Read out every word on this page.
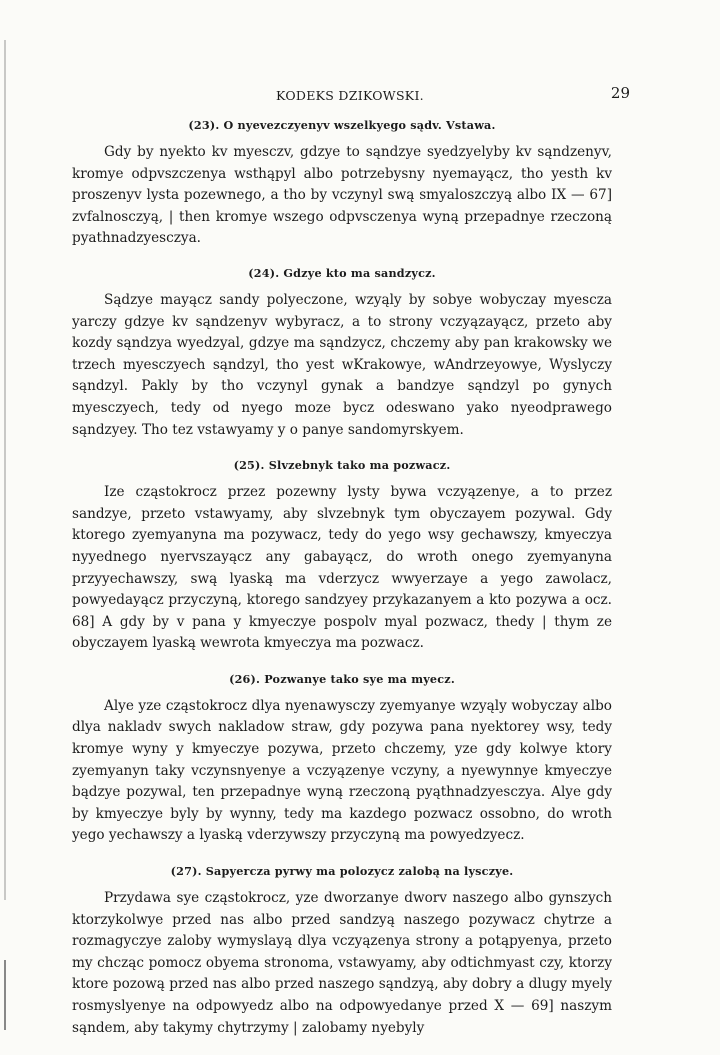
KODEKS DZIKOWSKI.	29
(23). O nyevezczyenyv wszelkyego sądv. Vstawa.

Gdy by nyekto kv myesczv, gdzye to sąndzye syedzyelyby kv sąndzenyv, kromye odpvszczenya wsthąpyl albo potrzebysny nyemayącz, tho yesth kv proszenyv lysta pozewnego, a tho by vczynyl swą smyaloszczyą albo IX — 67] zvfalnosczyą, | then kromye wszego odpvsczenya wyną przepadnye rzeczoną pyathnadzyesczya.

(24). Gdzye kto ma sandzycz.

Sądzye mayącz sandy polyeczone, wzyąly by sobye wobyczay myescza yarczy gdzye kv sąndzenyv wybyracz, a to strony vczyązayącz, przeto aby kozdy sąndzya wyedzyal, gdzye ma sąndzycz, chczemy aby pan krakowsky we trzech myesczyech sąndzyl, tho yest wKrakowye, wAndrzeyowye, Wyslyczy sąndzyl. Pakly by tho vczynyl gynak a bandzye sąndzyl po gynych myesczyech, tedy od nyego moze bycz odeswano yako nyeodprawego sąndzyey. Tho tez vstawyamy y o panye sandomyrskyem.

(25). Slvzebnyk tako ma pozwacz.

Ize cząstokrocz przez pozewny lysty bywa vczyązenye, a to przez sandzye, przeto vstawyamy, aby slvzebnyk tym obyczayem pozywal. Gdy ktorego zyemyanyna ma pozywacz, tedy do yego wsy gechawszy, kmyeczya nyyednego nyervszayącz any gabayącz, do wroth onego zyemyanyna przyyechawszy, swą lyaską ma vderzycz wwyerzaye a yego zawolacz, powyedayącz przyczyną, ktorego sandzyey przykazanyem a kto pozywa a ocz. 68] A gdy by v pana y kmyeczye pospolv myal pozwacz, thedy | thym ze obyczayem lyaską wewrota kmyeczya ma pozwacz.

(26). Pozwanye tako sye ma myecz.

Alye yze cząstokrocz dlya nyenawysczy zyemyanye wzyąly wobyczay albo dlya nakladv swych nakladow straw, gdy pozywa pana nyektorey wsy, tedy kromye wyny y kmyeczye pozywa, przeto chczemy, yze gdy kolwye ktory zyemyanyn taky vczynsnyenye a vczyązenye vczyny, a nyewynnye kmyeczye bądzye pozywal, ten przepadnye wyną rzeczoną pyąthnadzyesczya. Alye gdy by kmyeczye byly by wynny, tedy ma kazdego pozwacz ossobno, do wroth yego yechawszy a lyaską vderzywszy przyczyną ma powyedzyecz.

(27). Sapyercza pyrwy ma polozycz zalobą na lysczye.

Przydawa sye cząstokrocz, yze dworzanye dworv naszego albo gynszych ktorzykolwye przed nas albo przed sandzyą naszego pozywacz chytrze a rozmagyczye zaloby wymyslayą dlya vczyązenya strony a potąpyenya, przeto my chcząc pomocz obyema stronoma, vstawyamy, aby odtichmyast czy, ktorzy ktore pozową przed nas albo przed naszego sąndzyą, aby dobry a dlugy myely rosmyslyenye na odpowyedz albo na odpowyedanye przed X — 69] naszym sąndem, aby takymy chytrzymy | zalobamy nyebyly
